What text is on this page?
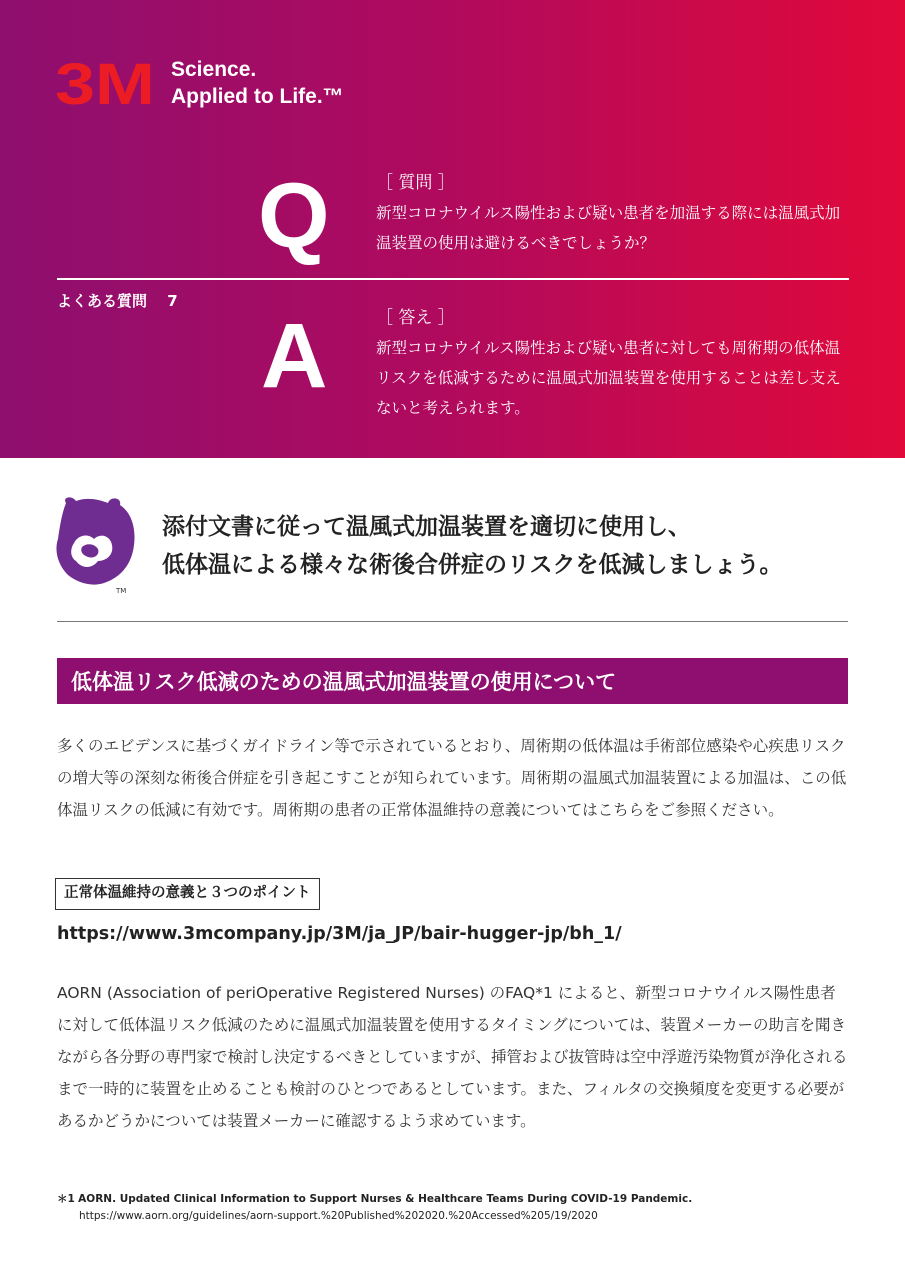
3M Science.
Applied to Life.™
Q	［ 質問 ］
新型コロナウイルス陽性および疑い患者を加温する際には温風式加温装置の使用は避けるべきでしょうか？
よくある質問　 7
A	［ 答え ］
新型コロナウイルス陽性および疑い患者に対しても周術期の低体温リスクを低減するために温風式加温装置を使用することは差し支えないと考えられます。
TM
添付文書に従って温風式加温装置を適切に使用し、
低体温による様々な術後合併症のリスクを低減しましょう。
低体温リスク低減のための温風式加温装置の使用について
多くのエビデンスに基づくガイドライン等で示されているとおり、周術期の低体温は手術部位感染や心疾患リスクの増大等の深刻な術後合併症を引き起こすことが知られています。周術期の温風式加温装置による加温は、この低体温リスクの低減に有効です。周術期の患者の正常体温維持の意義についてはこちらをご参照ください。
正常体温維持の意義と３つのポイント
https://www.3mcompany.jp/3M/ja_JP/bair-hugger-jp/bh_1/
AORN (Association of periOperative Registered Nurses) のFAQ*1 によると、新型コロナウイルス陽性患者に対して低体温リスク低減のために温風式加温装置を使用するタイミングについては、装置メーカーの助言を聞きながら各分野の専門家で検討し決定するべきとしていますが、挿管および抜管時は空中浮遊汚染物質が浄化されるまで一時的に装置を止めることも検討のひとつであるとしています。また、フィルタの交換頻度を変更する必要があるかどうかについては装置メーカーに確認するよう求めています。
＊1 AORN. Updated Clinical Information to Support Nurses & Healthcare Teams During COVID-19 Pandemic.
https://www.aorn.org/guidelines/aorn-support.%20Published%202020.%20Accessed%205/19/2020
